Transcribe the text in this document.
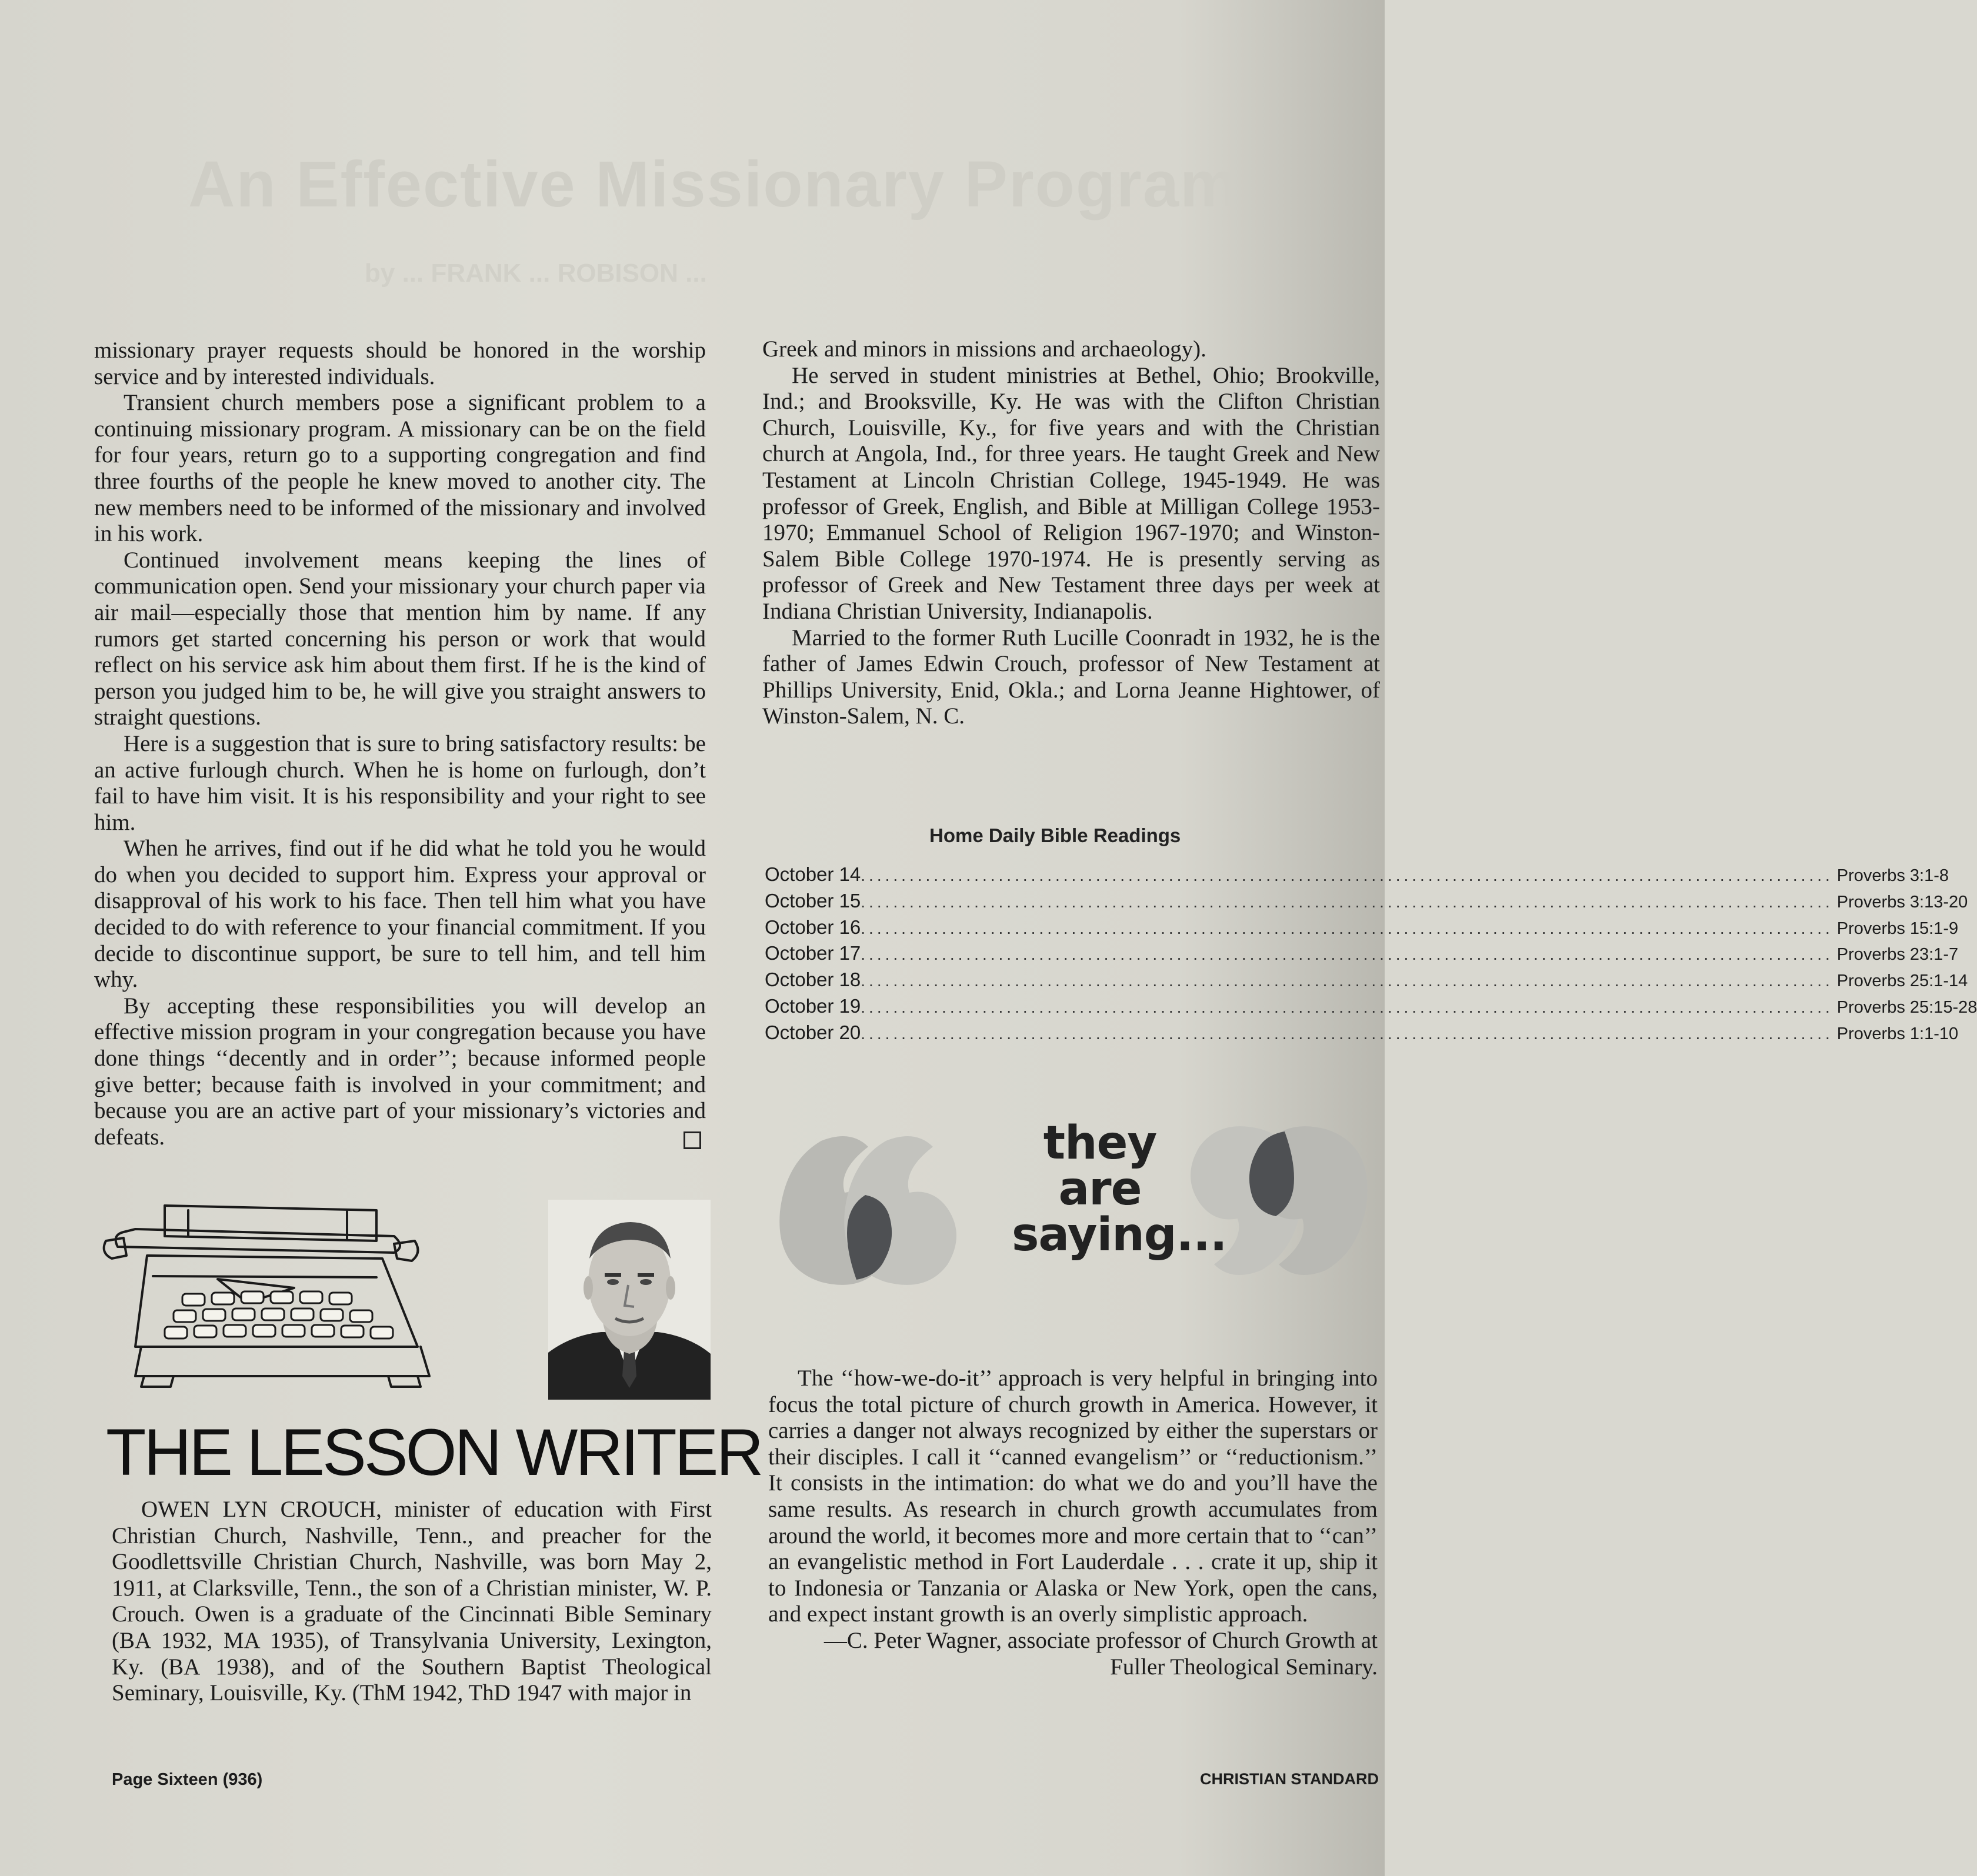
An Effective Missionary Program
by ... FRANK ... ROBISON ...

missionary prayer requests should be honored in the worship service and by interested individuals.

Transient church members pose a significant problem to a continuing missionary program. A missionary can be on the field for four years, return go to a supporting congregation and find three fourths of the people he knew moved to another city. The new members need to be informed of the missionary and involved in his work.

Continued involvement means keeping the lines of communication open. Send your missionary your church paper via air mail—especially those that mention him by name. If any rumors get started concerning his person or work that would reflect on his service ask him about them first. If he is the kind of person you judged him to be, he will give you straight answers to straight questions.

Here is a suggestion that is sure to bring satisfactory results: be an active furlough church. When he is home on furlough, don’t fail to have him visit. It is his responsibility and your right to see him.

When he arrives, find out if he did what he told you he would do when you decided to support him. Express your approval or disapproval of his work to his face. Then tell him what you have decided to do with reference to your financial commitment. If you decide to discontinue support, be sure to tell him, and tell him why.

By accepting these responsibilities you will develop an effective mission program in your congregation because you have done things ‘‘decently and in order’’; because informed people give better; because faith is involved in your commitment; and because you are an active part of your missionary’s victories and defeats.

THE LESSON WRITER

OWEN LYN CROUCH, minister of education with First Christian Church, Nashville, Tenn., and preacher for the Goodlettsville Christian Church, Nashville, was born May 2, 1911, at Clarksville, Tenn., the son of a Christian minister, W. P. Crouch. Owen is a graduate of the Cincinnati Bible Seminary (BA 1932, MA 1935), of Transylvania University, Lexington, Ky. (BA 1938), and of the Southern Baptist Theological Seminary, Louisville, Ky. (ThM 1942, ThD 1947 with major in

Greek and minors in missions and archaeology).

He served in student ministries at Bethel, Ohio; Brookville, Ind.; and Brooksville, Ky. He was with the Clifton Christian Church, Louisville, Ky., for five years and with the Christian church at Angola, Ind., for three years. He taught Greek and New Testament at Lincoln Christian College, 1945-1949. He was professor of Greek, English, and Bible at Milligan College 1953-1970; Emmanuel School of Religion 1967-1970; and Winston-Salem Bible College 1970-1974. He is presently serving as professor of Greek and New Testament three days per week at Indiana Christian University, Indianapolis.

Married to the former Ruth Lucille Coonradt in 1932, he is the father of James Edwin Crouch, professor of New Testament at Phillips University, Enid, Okla.; and Lorna Jeanne Hightower, of Winston-Salem, N. C.

Home Daily Bible Readings
October 14 ........................................................................................................................ Proverbs 3:1-8
October 15 ........................................................................................................................ Proverbs 3:13-20
October 16 ........................................................................................................................ Proverbs 15:1-9
October 17 ........................................................................................................................ Proverbs 23:1-7
October 18 ........................................................................................................................ Proverbs 25:1-14
October 19 ........................................................................................................................ Proverbs 25:15-28
October 20 ........................................................................................................................ Proverbs 1:1-10
they
are
saying...

The ‘‘how-we-do-it’’ approach is very helpful in bringing into focus the total picture of church growth in America. However, it carries a danger not always recognized by either the superstars or their disciples. I call it ‘‘canned evangelism’’ or ‘‘reductionism.’’ It consists in the intimation: do what we do and you’ll have the same results. As research in church growth accumulates from around the world, it becomes more and more certain that to ‘‘can’’ an evangelistic method in Fort Lauderdale . . . crate it up, ship it to Indonesia or Tanzania or Alaska or New York, open the cans, and expect instant growth is an overly simplistic approach.

—C. Peter Wagner, associate professor of Church Growth at Fuller Theological Seminary.

Page Sixteen (936)	CHRISTIAN STANDARD
